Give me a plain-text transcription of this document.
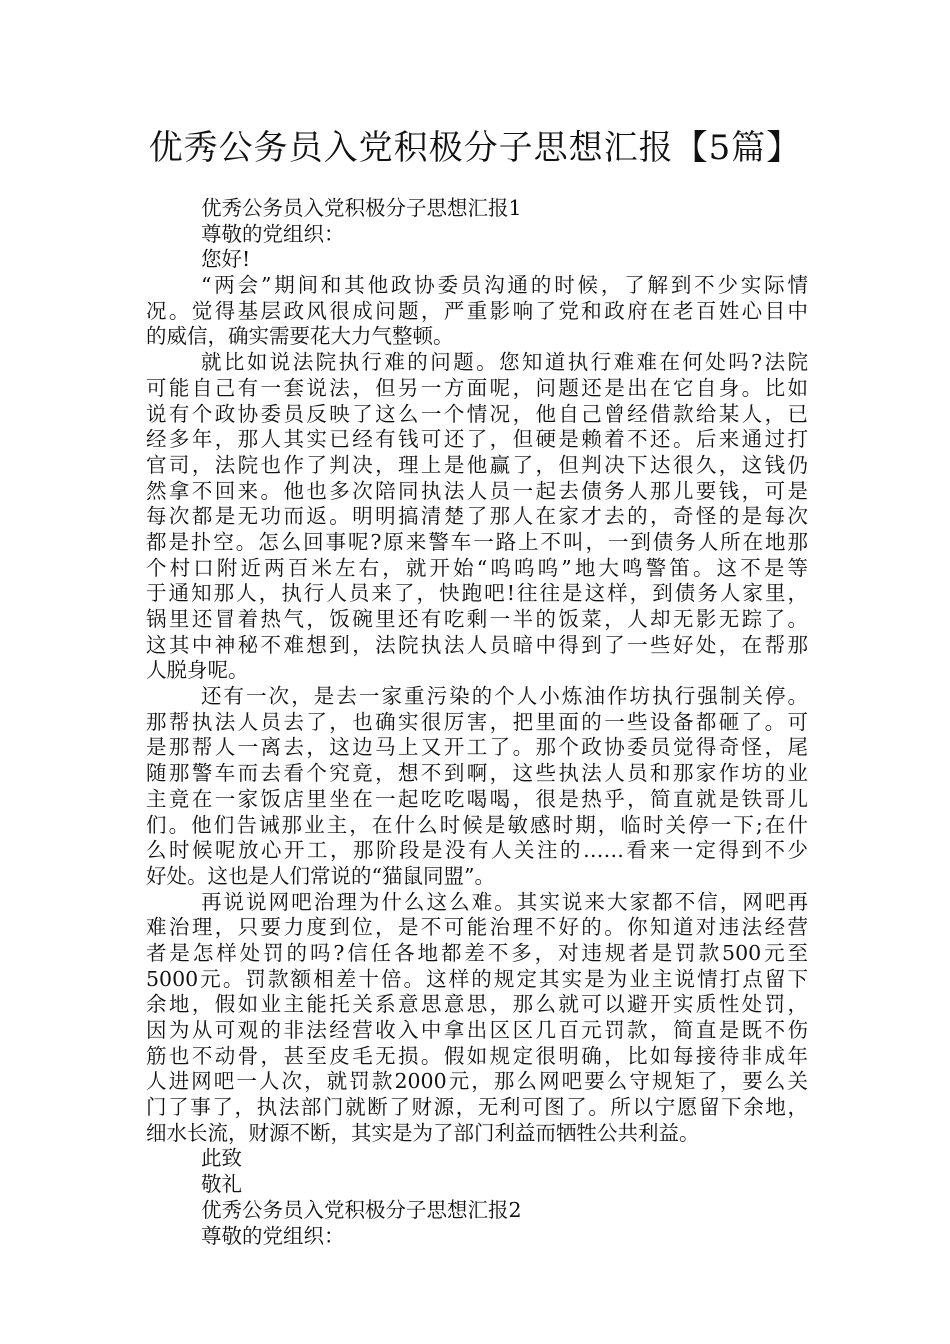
优秀公务员入党积极分子思想汇报【5篇】
优秀公务员入党积极分子思想汇报1
尊敬的党组织：
您好!
“两会”期间和其他政协委员沟通的时候，了解到不少实际情
况。觉得基层政风很成问题，严重影响了党和政府在老百姓心目中
的威信，确实需要花大力气整顿。
就比如说法院执行难的问题。您知道执行难难在何处吗?法院
可能自己有一套说法，但另一方面呢，问题还是出在它自身。比如
说有个政协委员反映了这么一个情况，他自己曾经借款给某人，已
经多年，那人其实已经有钱可还了，但硬是赖着不还。后来通过打
官司，法院也作了判决，理上是他赢了，但判决下达很久，这钱仍
然拿不回来。他也多次陪同执法人员一起去债务人那儿要钱，可是
每次都是无功而返。明明搞清楚了那人在家才去的，奇怪的是每次
都是扑空。怎么回事呢?原来警车一路上不叫，一到债务人所在地那
个村口附近两百米左右，就开始“呜呜呜”地大鸣警笛。这不是等
于通知那人，执行人员来了，快跑吧!往往是这样，到债务人家里，
锅里还冒着热气，饭碗里还有吃剩一半的饭菜，人却无影无踪了。
这其中神秘不难想到，法院执法人员暗中得到了一些好处，在帮那
人脱身呢。
还有一次，是去一家重污染的个人小炼油作坊执行强制关停。
那帮执法人员去了，也确实很厉害，把里面的一些设备都砸了。可
是那帮人一离去，这边马上又开工了。那个政协委员觉得奇怪，尾
随那警车而去看个究竟，想不到啊，这些执法人员和那家作坊的业
主竟在一家饭店里坐在一起吃吃喝喝，很是热乎，简直就是铁哥儿
们。他们告诫那业主，在什么时候是敏感时期，临时关停一下;在什
么时候呢放心开工，那阶段是没有人关注的……看来一定得到不少
好处。这也是人们常说的“猫鼠同盟”。
再说说网吧治理为什么这么难。其实说来大家都不信，网吧再
难治理，只要力度到位，是不可能治理不好的。你知道对违法经营
者是怎样处罚的吗?信任各地都差不多，对违规者是罚款500元至
5000元。罚款额相差十倍。这样的规定其实是为业主说情打点留下
余地，假如业主能托关系意思意思，那么就可以避开实质性处罚，
因为从可观的非法经营收入中拿出区区几百元罚款，简直是既不伤
筋也不动骨，甚至皮毛无损。假如规定很明确，比如每接待非成年
人进网吧一人次，就罚款2000元，那么网吧要么守规矩了，要么关
门了事了，执法部门就断了财源，无利可图了。所以宁愿留下余地，
细水长流，财源不断，其实是为了部门利益而牺牲公共利益。
此致
敬礼
优秀公务员入党积极分子思想汇报2
尊敬的党组织：
